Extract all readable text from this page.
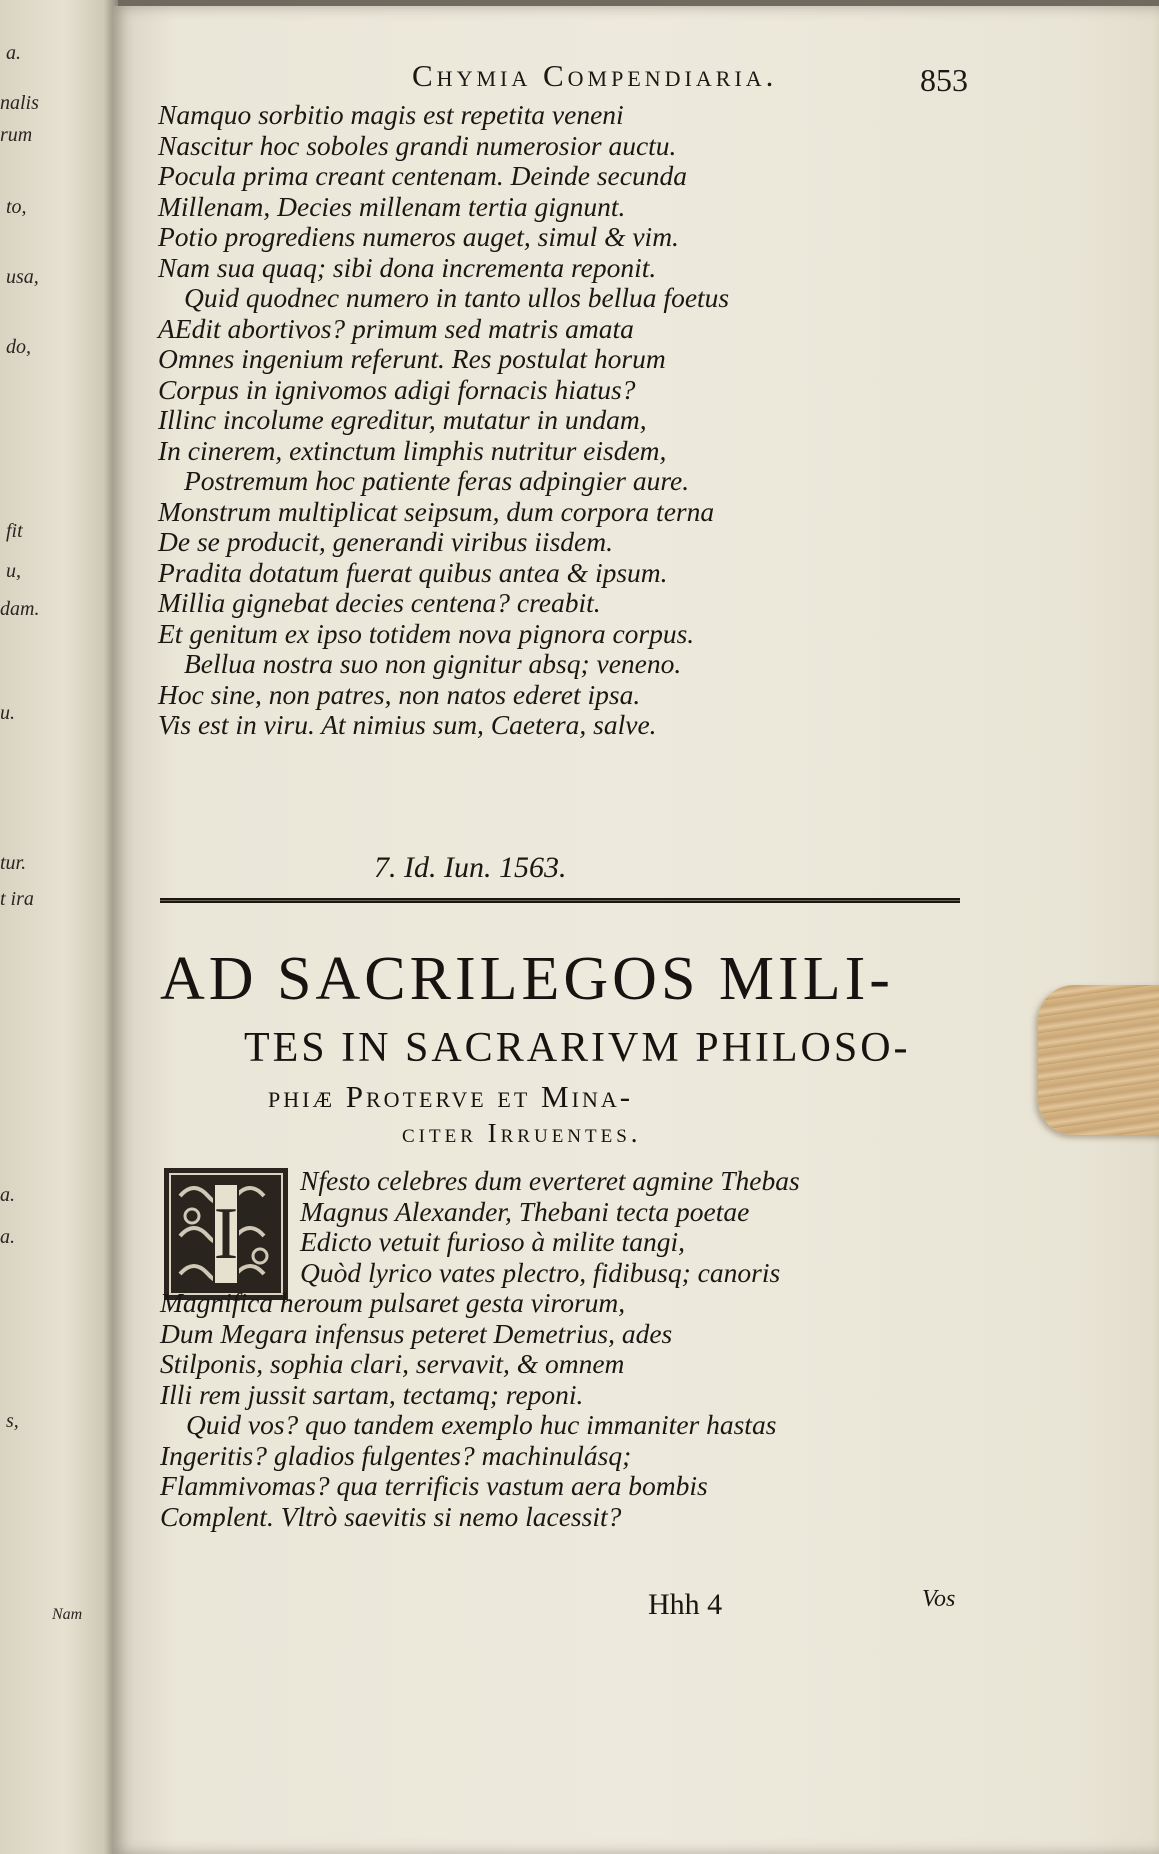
a.
nalis
rum
to,
usa,
do,
fit
u,
dam.
u.
tur.
t ira
a.
a.
s,
Nam
Chymia Compendiaria.	853
Namquo sorbitio magis est repetita veneni
Nascitur hoc soboles grandi numerosior auctu.
Pocula prima creant centenam. Deinde secunda
Millenam, Decies millenam tertia gignunt.
Potio progrediens numeros auget, simul & vim.
Nam sua quaq; sibi dona incrementa reponit.
Quid quodnec numero in tanto ullos bellua foetus
AEdit abortivos? primum sed matris amata
Omnes ingenium referunt. Res postulat horum
Corpus in ignivomos adigi fornacis hiatus?
Illinc incolume egreditur, mutatur in undam,
In cinerem, extinctum limphis nutritur eisdem,
Postremum hoc patiente feras adpingier aure.
Monstrum multiplicat seipsum, dum corpora terna
De se producit, generandi viribus iisdem.
Pradita dotatum fuerat quibus antea & ipsum.
Millia gignebat decies centena? creabit.
Et genitum ex ipso totidem nova pignora corpus.
Bellua nostra suo non gignitur absq; veneno.
Hoc sine, non patres, non natos ederet ipsa.
Vis est in viru. At nimius sum, Caetera, salve.
7. Id. Iun. 1563.
AD SACRILEGOS MILI-
TES IN SACRARIVM PHILOSO-
phiæ Proterve et Mina-
citer Irruentes.
I
Nfesto celebres dum everteret agmine Thebas
Magnus Alexander, Thebani tecta poetae
Edicto vetuit furioso à milite tangi,
Quòd lyrico vates plectro, fidibusq; canoris
Magnifica heroum pulsaret gesta virorum,
Dum Megara infensus peteret Demetrius, ades
Stilponis, sophia clari, servavit, & omnem
Illi rem jussit sartam, tectamq; reponi.
Quid vos? quo tandem exemplo huc immaniter hastas
Ingeritis? gladios fulgentes? machinulásq;
Flammivomas? qua terrificis vastum aera bombis
Complent. Vltrò saevitis si nemo lacessit?
Hhh 4	Vos
